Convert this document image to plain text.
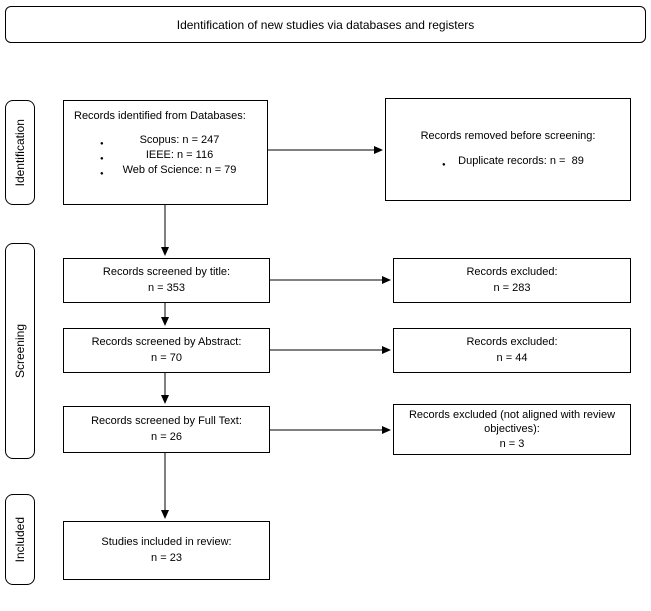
Identification of new studies via databases and registers
Identification
Screening
Included
Records identified from Databases:
● Scopus: n = 247
● IEEE: n = 116
● Web of Science: n = 79
Records removed before screening:
● Duplicate records: n =  89
Records screened by title:
n = 353
Records excluded:
n = 283
Records screened by Abstract:
n = 70
Records excluded:
n = 44
Records screened by Full Text:
n = 26
Records excluded (not aligned with review objectives):
n = 3
Studies included in review:
n = 23
